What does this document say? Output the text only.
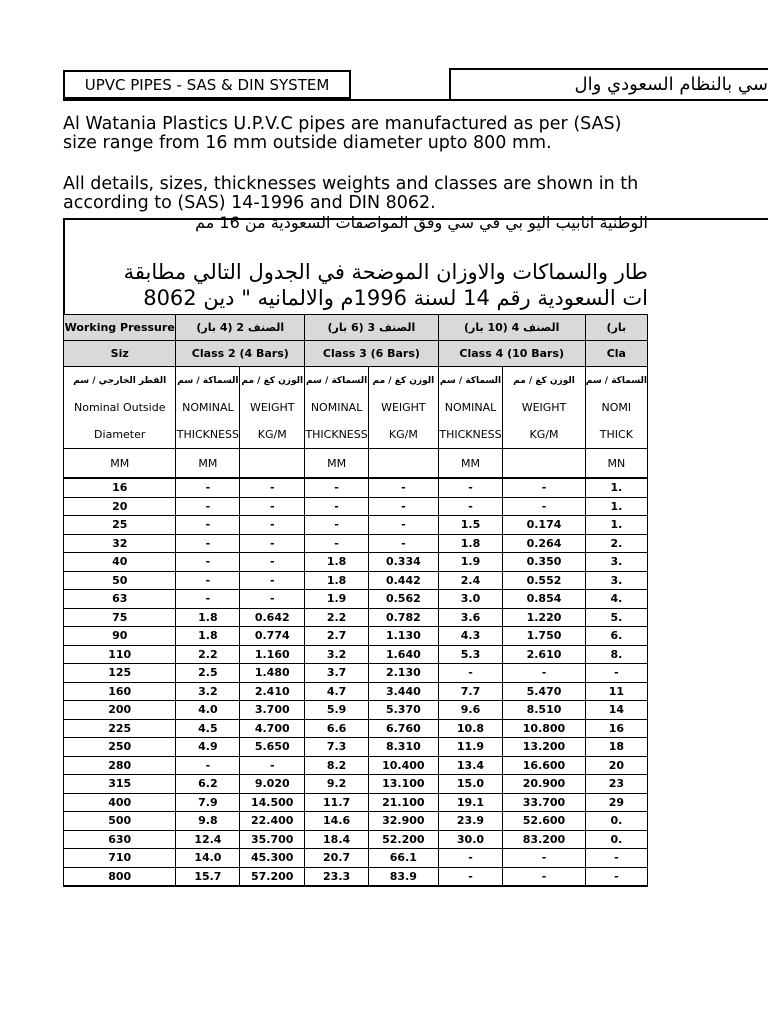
UPVC PIPES - SAS & DIN SYSTEM	سي بالنظام السعودي وال
Al Watania Plastics U.P.V.C pipes are manufactured as per (SAS)
size range from 16 mm outside diameter upto 800 mm.
All details, sizes, thicknesses weights and classes are shown in th
according to (SAS) 14-1996 and DIN 8062.
الوطنية انابيب اليو بي في سي وفق المواصفات السعودية من 16 مم
طار والسماكات والاوزان الموضحة في الجدول التالي مطابقة
ات السعودية رقم 14 لسنة 1996م والالمانيه " دين 8062
Working Pressure	الصنف 2 (4 بار)		الصنف 3 (6 بار)		الصنف 4 (10 بار)		(بار
Siz	Class 2 (4 Bars)		Class 3 (6 Bars)		Class 4 (10 Bars)		Cla
القطر الخارجي / سم	السماكة / سم	الوزن كغ / مم	السماكة / سم	الوزن كغ / مم	السماكة / سم	الوزن كغ / مم	السماكة / سم
Nominal Outside	NOMINAL	WEIGHT	NOMINAL	WEIGHT	NOMINAL	WEIGHT	NOMI
Diameter	THICKNESS	KG/M	THICKNESS	KG/M	THICKNESS	KG/M	THICK
MM	MM		MM		MM		MN
16	-	-	-	-	-	-	1.
20	-	-	-	-	-	-	1.
25	-	-	-	-	1.5	0.174	1.
32	-	-	-	-	1.8	0.264	2.
40	-	-	1.8	0.334	1.9	0.350	3.
50	-	-	1.8	0.442	2.4	0.552	3.
63	-	-	1.9	0.562	3.0	0.854	4.
75	1.8	0.642	2.2	0.782	3.6	1.220	5.
90	1.8	0.774	2.7	1.130	4.3	1.750	6.
110	2.2	1.160	3.2	1.640	5.3	2.610	8.
125	2.5	1.480	3.7	2.130	-	-	-
160	3.2	2.410	4.7	3.440	7.7	5.470	11
200	4.0	3.700	5.9	5.370	9.6	8.510	14
225	4.5	4.700	6.6	6.760	10.8	10.800	16
250	4.9	5.650	7.3	8.310	11.9	13.200	18
280	-	-	8.2	10.400	13.4	16.600	20
315	6.2	9.020	9.2	13.100	15.0	20.900	23
400	7.9	14.500	11.7	21.100	19.1	33.700	29
500	9.8	22.400	14.6	32.900	23.9	52.600	0.
630	12.4	35.700	18.4	52.200	30.0	83.200	0.
710	14.0	45.300	20.7	66.1	-	-	-
800	15.7	57.200	23.3	83.9	-	-	-
